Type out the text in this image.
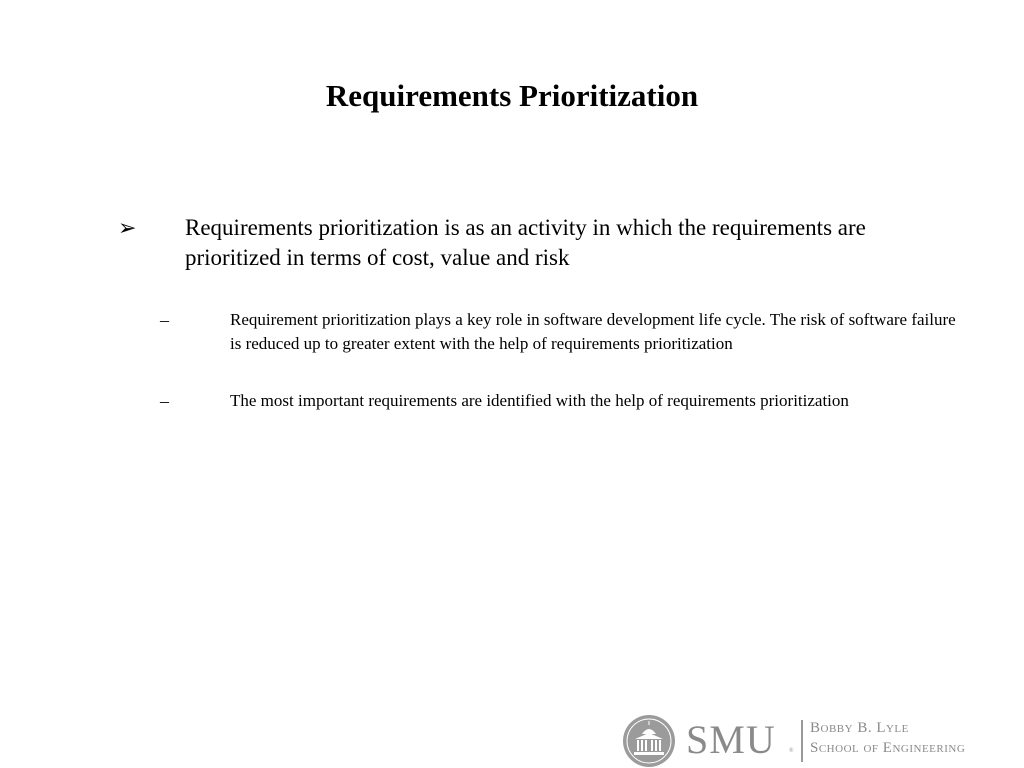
Requirements Prioritization
➢ Requirements prioritization is as an activity in which the requirements are prioritized in terms of cost, value and risk
–	Requirement prioritization plays a key role in software development life cycle. The risk of software failure is reduced up to greater extent with the help of requirements prioritization
–	The most important requirements are identified with the help of requirements prioritization
SMU ®
Bobby B. Lyle
School of Engineering
